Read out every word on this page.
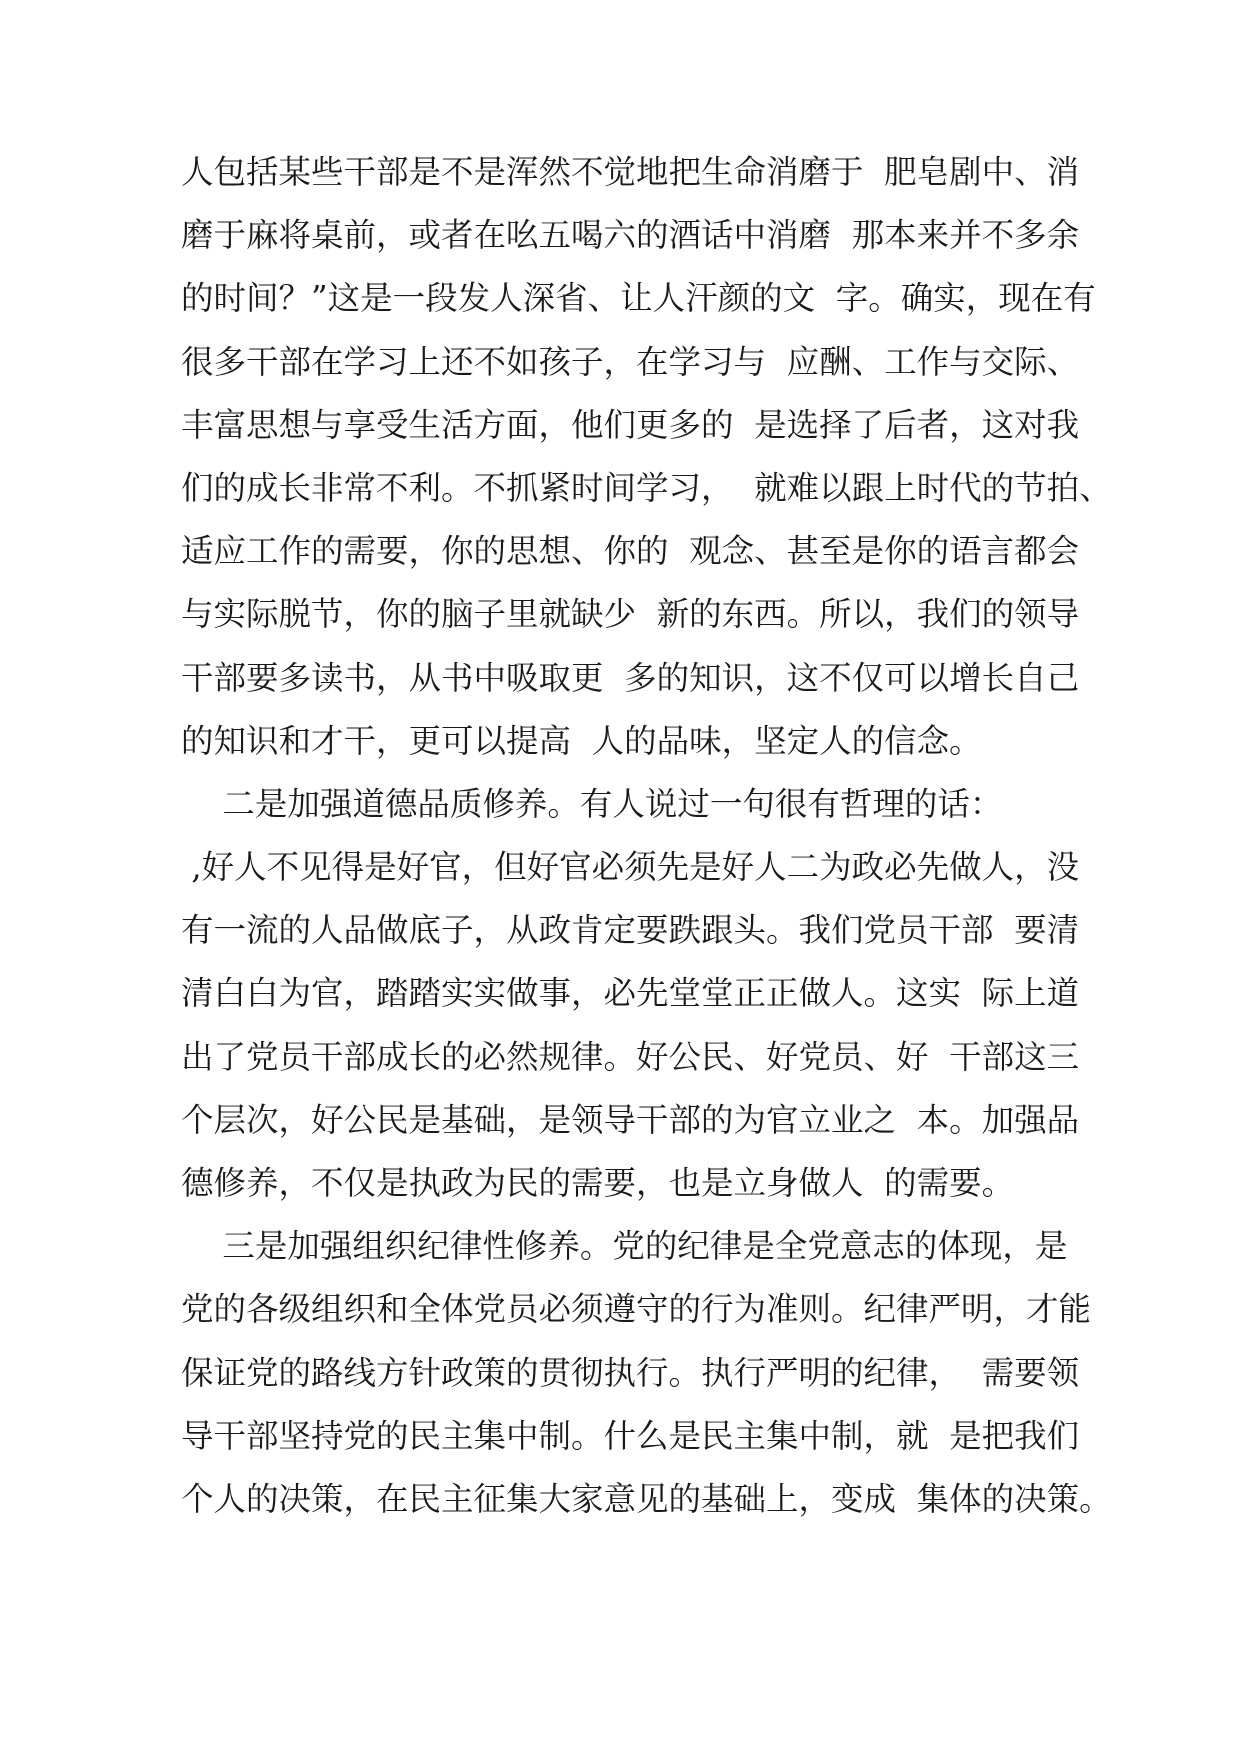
人包括某些干部是不是浑然不觉地把生命消磨于  肥皂剧中、消
磨于麻将桌前，或者在吆五喝六的酒话中消磨  那本来并不多余
的时间？”这是一段发人深省、让人汗颜的文  字。确实，现在有
很多干部在学习上还不如孩子，在学习与  应酬、工作与交际、
丰富思想与享受生活方面，他们更多的  是选择了后者，这对我
们的成长非常不利。不抓紧时间学习，  就难以跟上时代的节拍、
适应工作的需要，你的思想、你的  观念、甚至是你的语言都会
与实际脱节，你的脑子里就缺少  新的东西。所以，我们的领导
干部要多读书，从书中吸取更  多的知识，这不仅可以增长自己
的知识和才干，更可以提高  人的品味，坚定人的信念。
二是加强道德品质修养。有人说过一句很有哲理的话：
,好人不见得是好官，但好官必须先是好人二为政必先做人，没
有一流的人品做底子，从政肯定要跌跟头。我们党员干部  要清
清白白为官，踏踏实实做事，必先堂堂正正做人。这实  际上道
出了党员干部成长的必然规律。好公民、好党员、好  干部这三
个层次，好公民是基础，是领导干部的为官立业之  本。加强品
德修养，不仅是执政为民的需要，也是立身做人  的需要。
三是加强组织纪律性修养。党的纪律是全党意志的体现，是
党的各级组织和全体党员必须遵守的行为准则。纪律严明，才能
保证党的路线方针政策的贯彻执行。执行严明的纪律，  需要领
导干部坚持党的民主集中制。什么是民主集中制，就  是把我们
个人的决策，在民主征集大家意见的基础上，变成  集体的决策。
